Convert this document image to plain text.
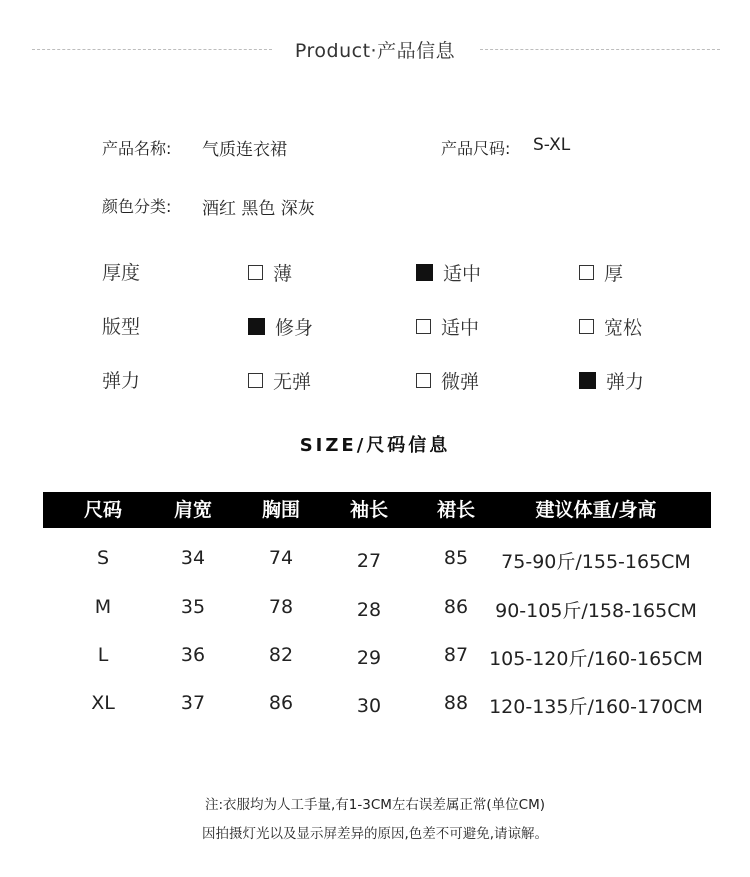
Product·产品信息
产品名称: 气质连衣裙	产品尺码: S-XL
颜色分类: 酒红 黑色 深灰
厚度	薄	适中	厚
版型	修身	适中	宽松
弹力	无弹	微弹	弹力
SIZE/尺码信息
尺码	肩宽	胸围	袖长	裙长	建议体重/身高
S	34	74	27	85	75-90斤/155-165CM
M	35	78	28	86	90-105斤/158-165CM
L	36	82	29	87	105-120斤/160-165CM
XL	37	86	30	88	120-135斤/160-170CM
注:衣服均为人工手量,有1-3CM左右误差属正常(单位CM)
因拍摄灯光以及显示屏差异的原因,色差不可避免,请谅解。
